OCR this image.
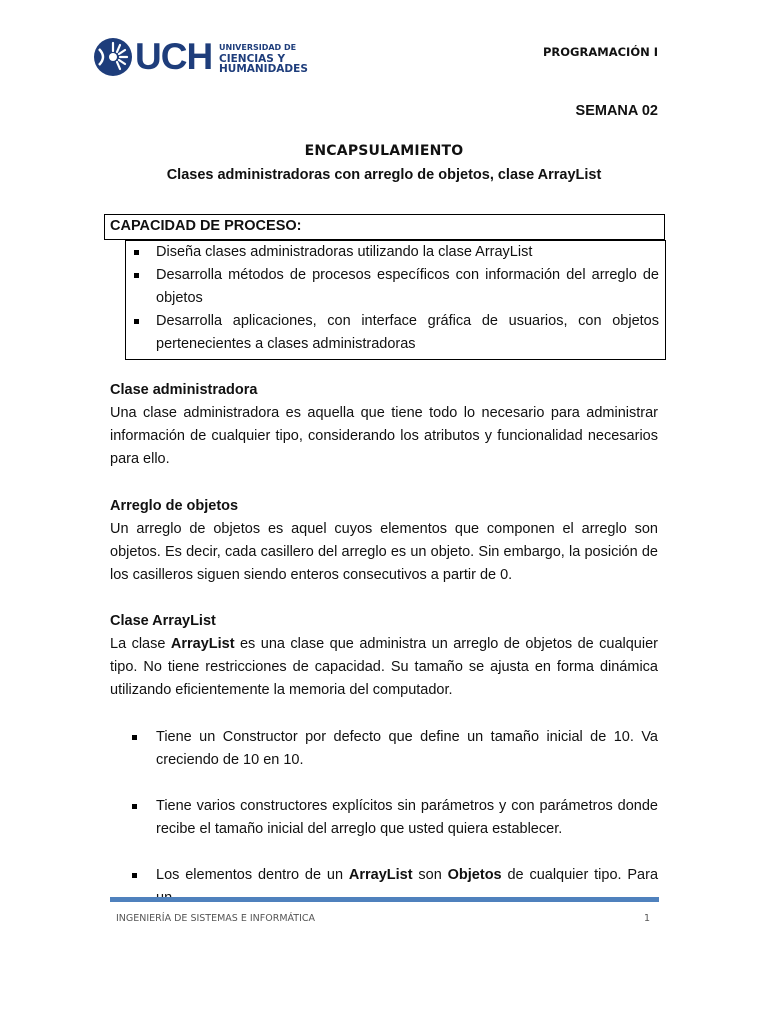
UCH UNIVERSIDAD DE
CIENCIAS Y
HUMANIDADES
PROGRAMACIÓN I
SEMANA 02
ENCAPSULAMIENTO
Clases administradoras con arreglo de objetos, clase ArrayList
CAPACIDAD DE PROCESO:
Diseña clases administradoras utilizando la clase ArrayList
Desarrolla métodos de procesos específicos con información del arreglo de objetos
Desarrolla aplicaciones, con interface gráfica de usuarios, con objetos pertenecientes a clases administradoras
Clase administradora

Una clase administradora es aquella que tiene todo lo necesario para administrar información de cualquier tipo, considerando los atributos y funcionalidad necesarios para ello.

Arreglo de objetos

Un arreglo de objetos es aquel cuyos elementos que componen el arreglo son objetos. Es decir, cada casillero del arreglo es un objeto. Sin embargo, la posición de los casilleros siguen siendo enteros consecutivos a partir de 0.

Clase ArrayList

La clase ArrayList es una clase que administra un arreglo de objetos de cualquier tipo. No tiene restricciones de capacidad. Su tamaño se ajusta en forma dinámica utilizando eficientemente la memoria del computador.

Tiene un Constructor por defecto que define un tamaño inicial de 10. Va creciendo de 10 en 10.
Tiene varios constructores explícitos sin parámetros y con parámetros donde recibe el tamaño inicial del arreglo que usted quiera establecer.
Los elementos dentro de un ArrayList son Objetos de cualquier tipo. Para
INGENIERÍA DE SISTEMAS E INFORMÁTICA	1
